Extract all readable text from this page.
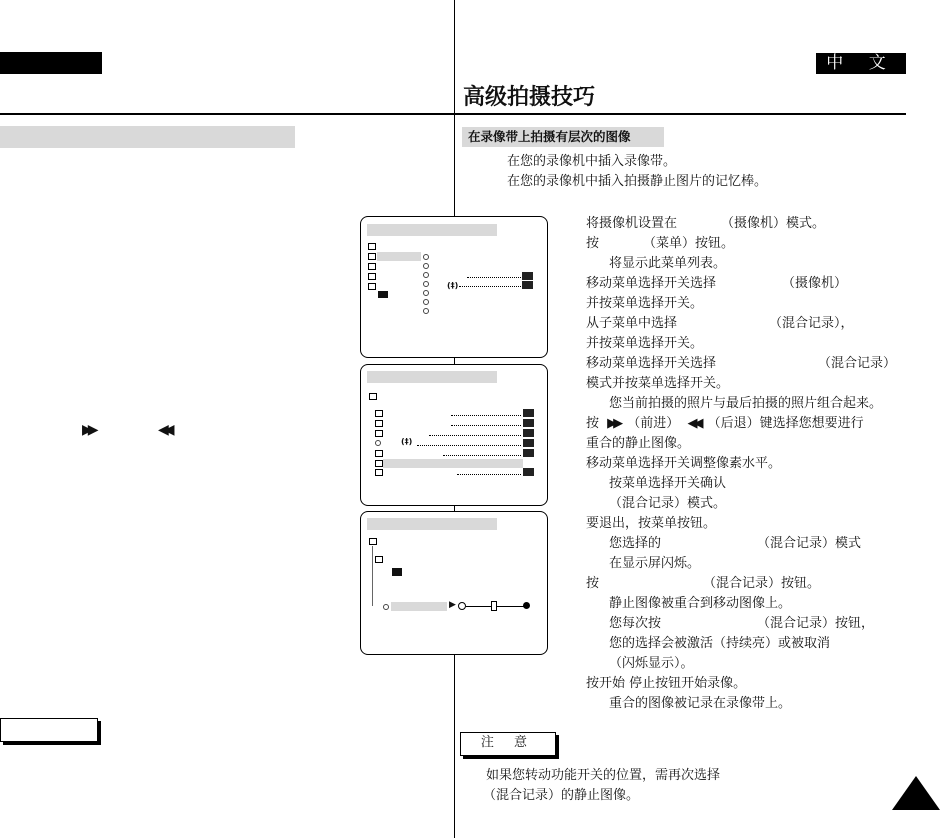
中 文
高级拍摄技巧
▶▶	◀◀
在录像带上拍摄有层次的图像
在您的录像机中插入录像带。
在您的录像机中插入拍摄静止图片的记忆棒。
(‡)
(‡)
▶
将摄像机设置在	（摄像机）模式。
按	（菜单）按钮。
将显示此菜单列表。
移动菜单选择开关选择	（摄像机）
并按菜单选择开关。
从子菜单中选择	（混合记录），
并按菜单选择开关。
移动菜单选择开关选择	（混合记录）
模式并按菜单选择开关。
您当前拍摄的照片与最后拍摄的照片组合起来。
按 ▶▶ （前进） ◀◀ （后退）键选择您想要进行
重合的静止图像。
移动菜单选择开关调整像素水平。
按菜单选择开关确认
（混合记录）模式。
要退出，按菜单按钮。
您选择的	（混合记录）模式
在显示屏闪烁。
按	（混合记录）按钮。
静止图像被重合到移动图像上。
您每次按	（混合记录）按钮，
您的选择会被激活（持续亮）或被取消
（闪烁显示）。
按开始 停止按钮开始录像。
重合的图像被记录在录像带上。
注 意
如果您转动功能开关的位置，需再次选择
（混合记录）的静止图像。
